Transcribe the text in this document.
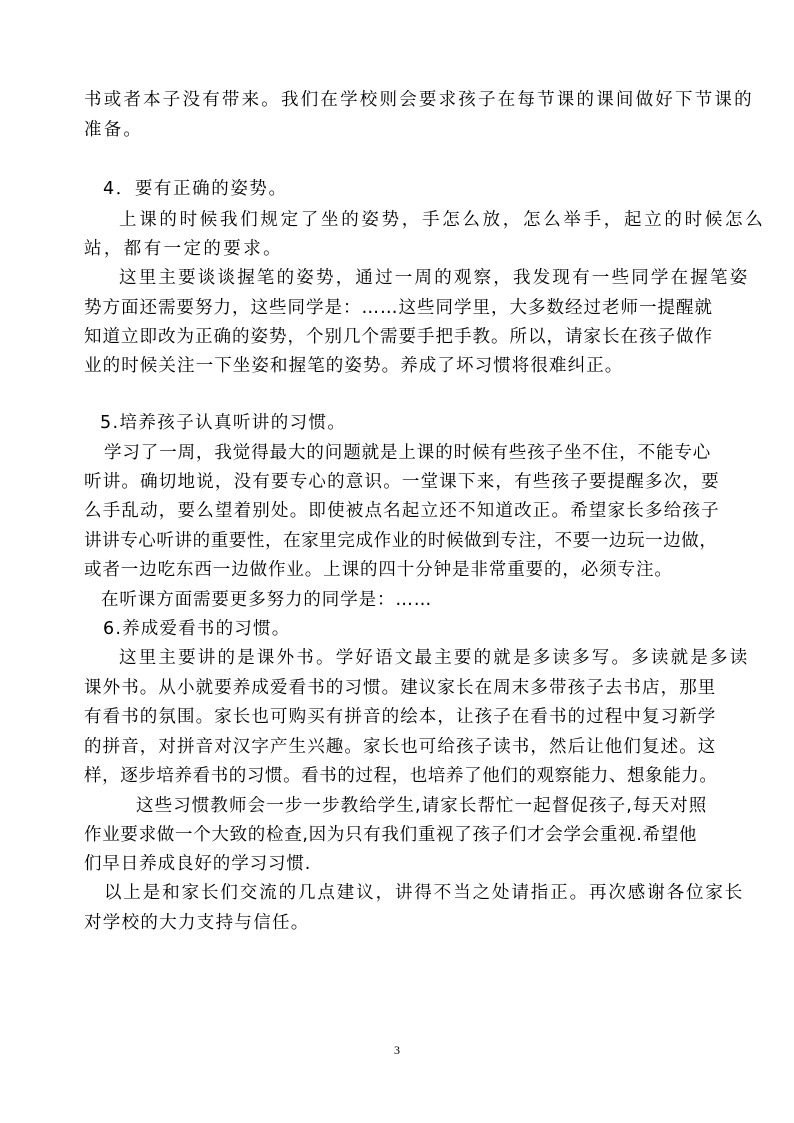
书或者本子没有带来。我们在学校则会要求孩子在每节课的课间做好下节课的
准备。
4．要有正确的姿势。
上课的时候我们规定了坐的姿势，手怎么放，怎么举手，起立的时候怎么
站，都有一定的要求。
这里主要谈谈握笔的姿势，通过一周的观察，我发现有一些同学在握笔姿
势方面还需要努力，这些同学是：……这些同学里，大多数经过老师一提醒就
知道立即改为正确的姿势，个别几个需要手把手教。所以，请家长在孩子做作
业的时候关注一下坐姿和握笔的姿势。养成了坏习惯将很难纠正。
5.培养孩子认真听讲的习惯。
学习了一周，我觉得最大的问题就是上课的时候有些孩子坐不住，不能专心
听讲。确切地说，没有要专心的意识。一堂课下来，有些孩子要提醒多次，要
么手乱动，要么望着别处。即使被点名起立还不知道改正。希望家长多给孩子
讲讲专心听讲的重要性，在家里完成作业的时候做到专注，不要一边玩一边做，
或者一边吃东西一边做作业。上课的四十分钟是非常重要的，必须专注。
在听课方面需要更多努力的同学是：……
6.养成爱看书的习惯。
这里主要讲的是课外书。学好语文最主要的就是多读多写。多读就是多读
课外书。从小就要养成爱看书的习惯。建议家长在周末多带孩子去书店，那里
有看书的氛围。家长也可购买有拼音的绘本，让孩子在看书的过程中复习新学
的拼音，对拼音对汉字产生兴趣。家长也可给孩子读书，然后让他们复述。这
样，逐步培养看书的习惯。看书的过程，也培养了他们的观察能力、想象能力。
这些习惯教师会一步一步教给学生,请家长帮忙一起督促孩子,每天对照
作业要求做一个大致的检查,因为只有我们重视了孩子们才会学会重视.希望他
们早日养成良好的学习习惯.
以上是和家长们交流的几点建议，讲得不当之处请指正。再次感谢各位家长
对学校的大力支持与信任。
3
